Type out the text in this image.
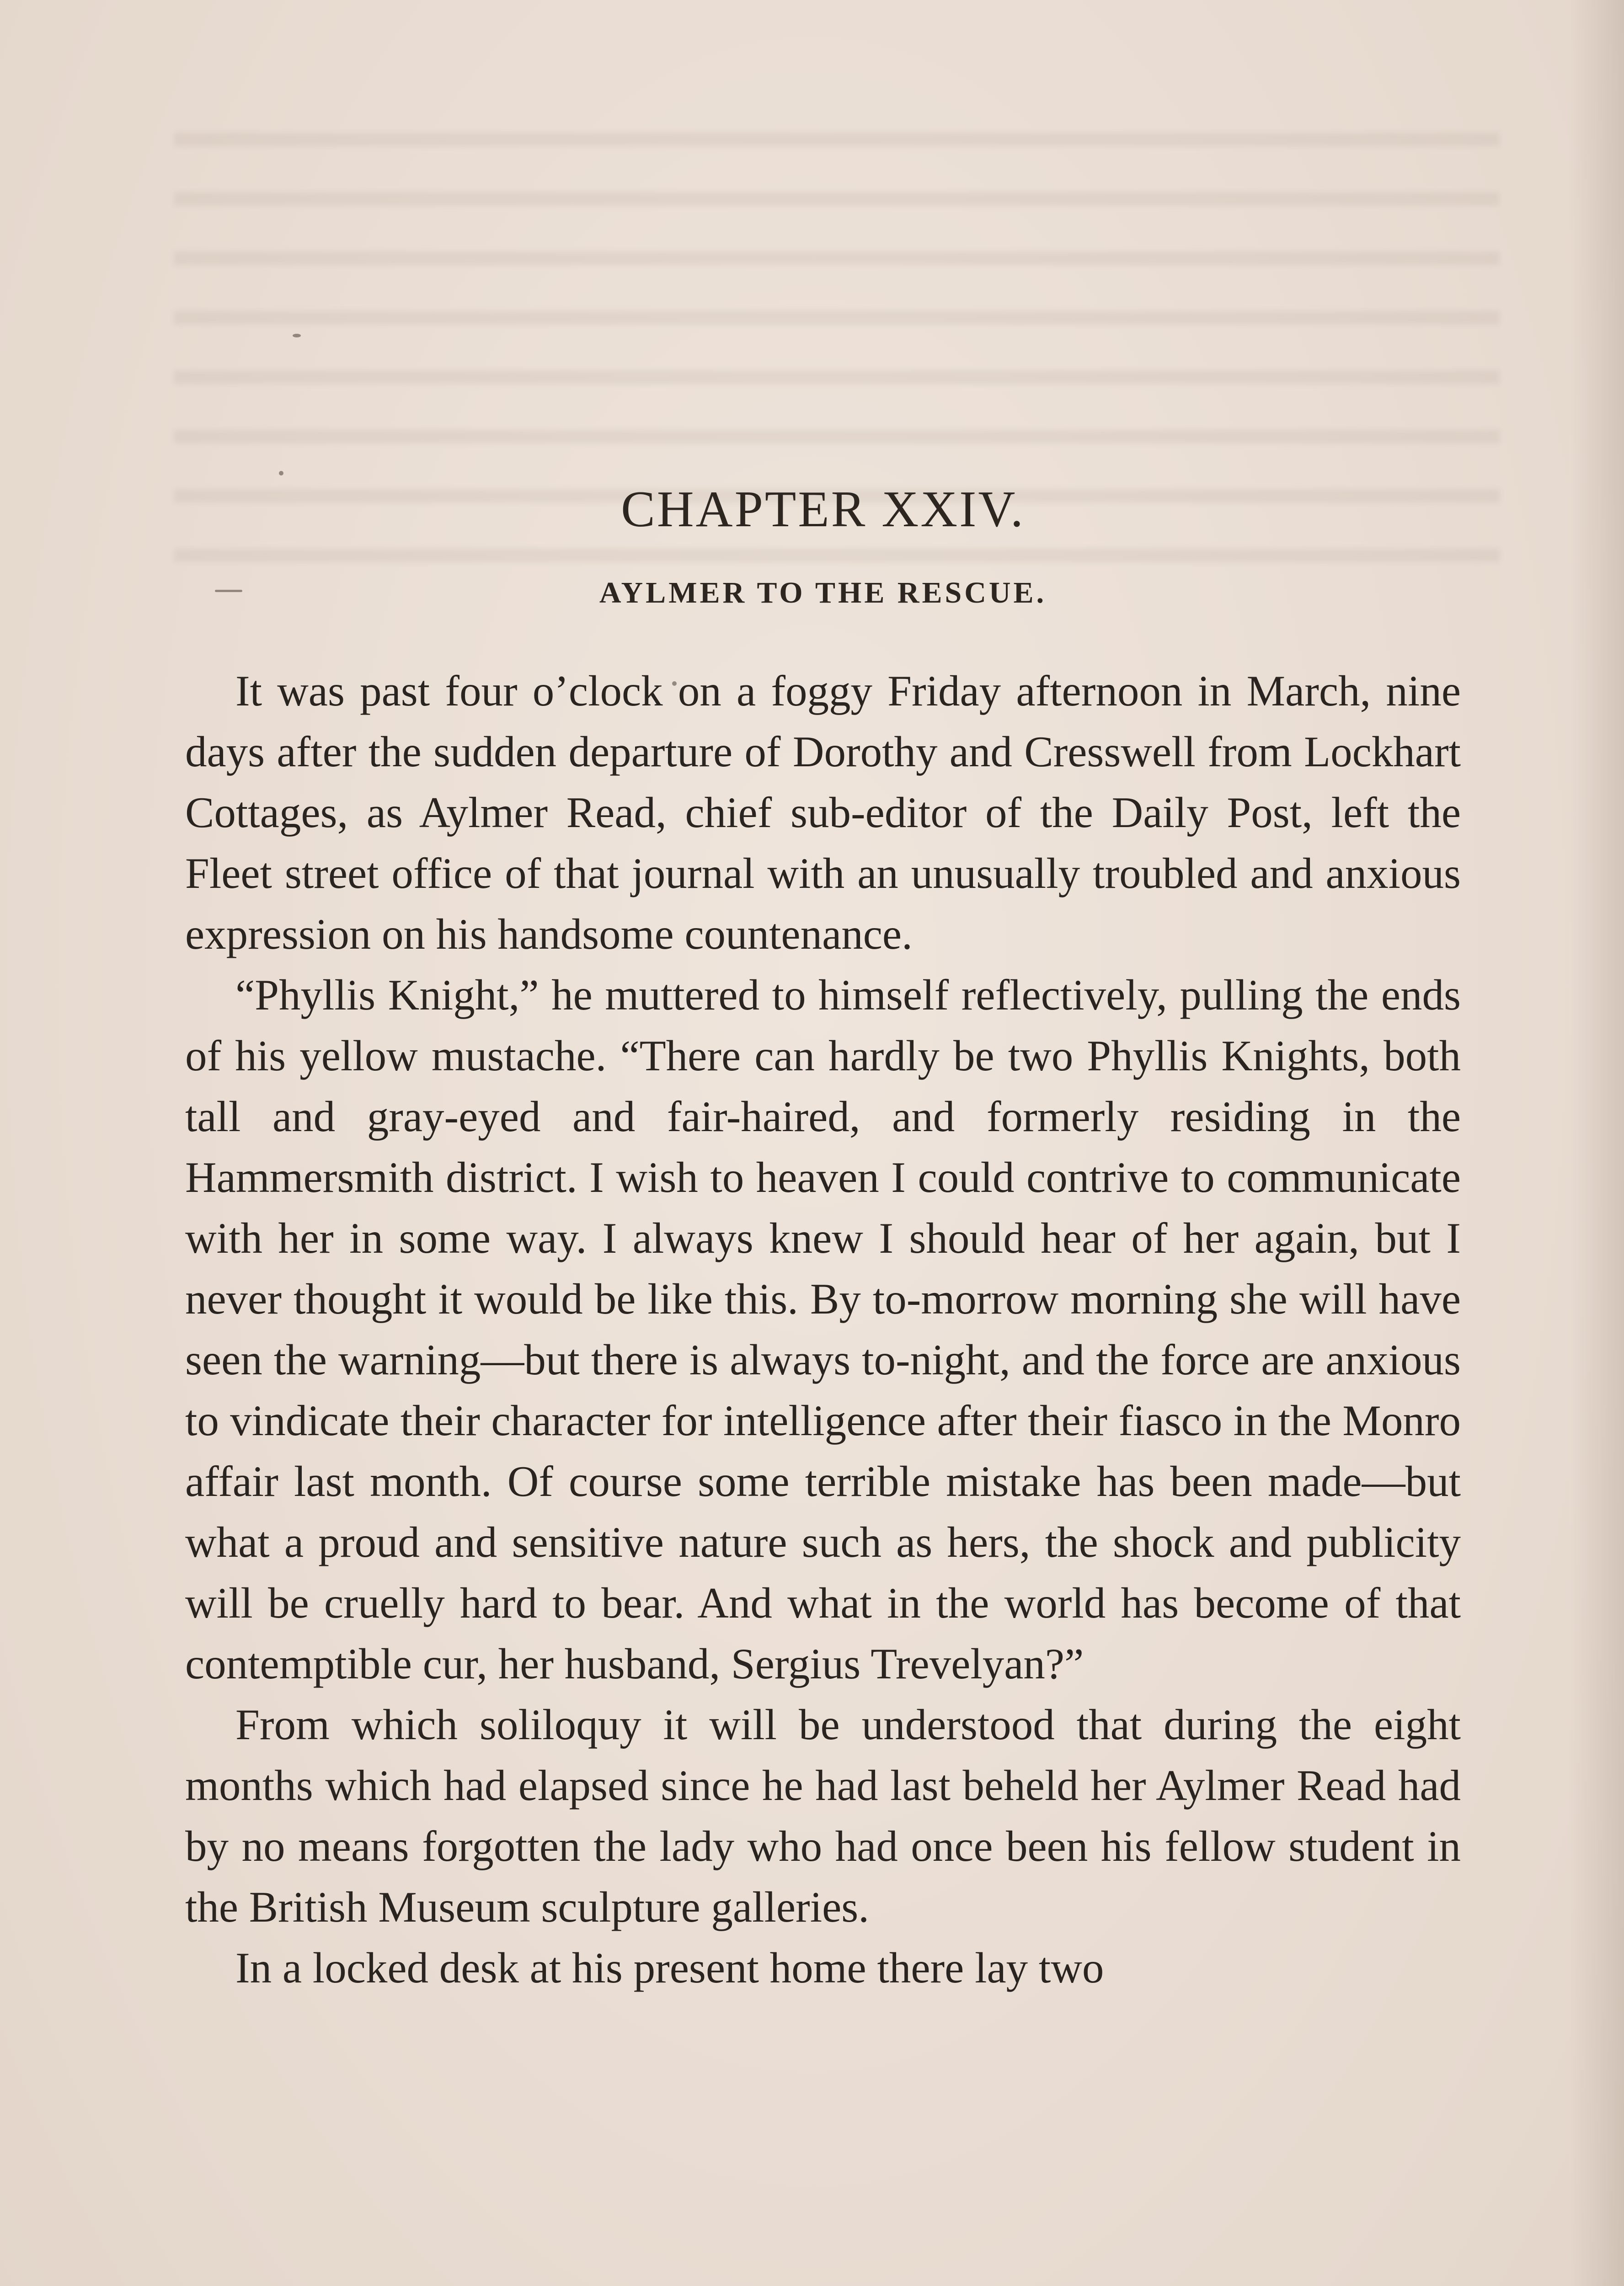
CHAPTER XXIV.
AYLMER TO THE RESCUE.

It was past four o’clock on a foggy Friday afternoon in March, nine days after the sudden departure of Dorothy and Cresswell from Lockhart Cottages, as Aylmer Read, chief sub-editor of the Daily Post, left the Fleet street office of that journal with an unusually troubled and anxious expression on his handsome countenance.

“Phyllis Knight,” he muttered to himself reflectively, pulling the ends of his yellow mustache. “There can hardly be two Phyllis Knights, both tall and gray-eyed and fair-haired, and formerly residing in the Hammersmith district. I wish to heaven I could contrive to communicate with her in some way. I always knew I should hear of her again, but I never thought it would be like this. By to-morrow morning she will have seen the warning—but there is always to-night, and the force are anxious to vindicate their character for intelligence after their fiasco in the Monro affair last month. Of course some terrible mistake has been made—but what a proud and sensitive nature such as hers, the shock and publicity will be cruelly hard to bear. And what in the world has become of that contemptible cur, her husband, Sergius Trevelyan?”

From which soliloquy it will be understood that during the eight months which had elapsed since he had last beheld her Aylmer Read had by no means forgotten the lady who had once been his fellow student in the British Museum sculpture galleries.

In a locked desk at his present home there lay two
